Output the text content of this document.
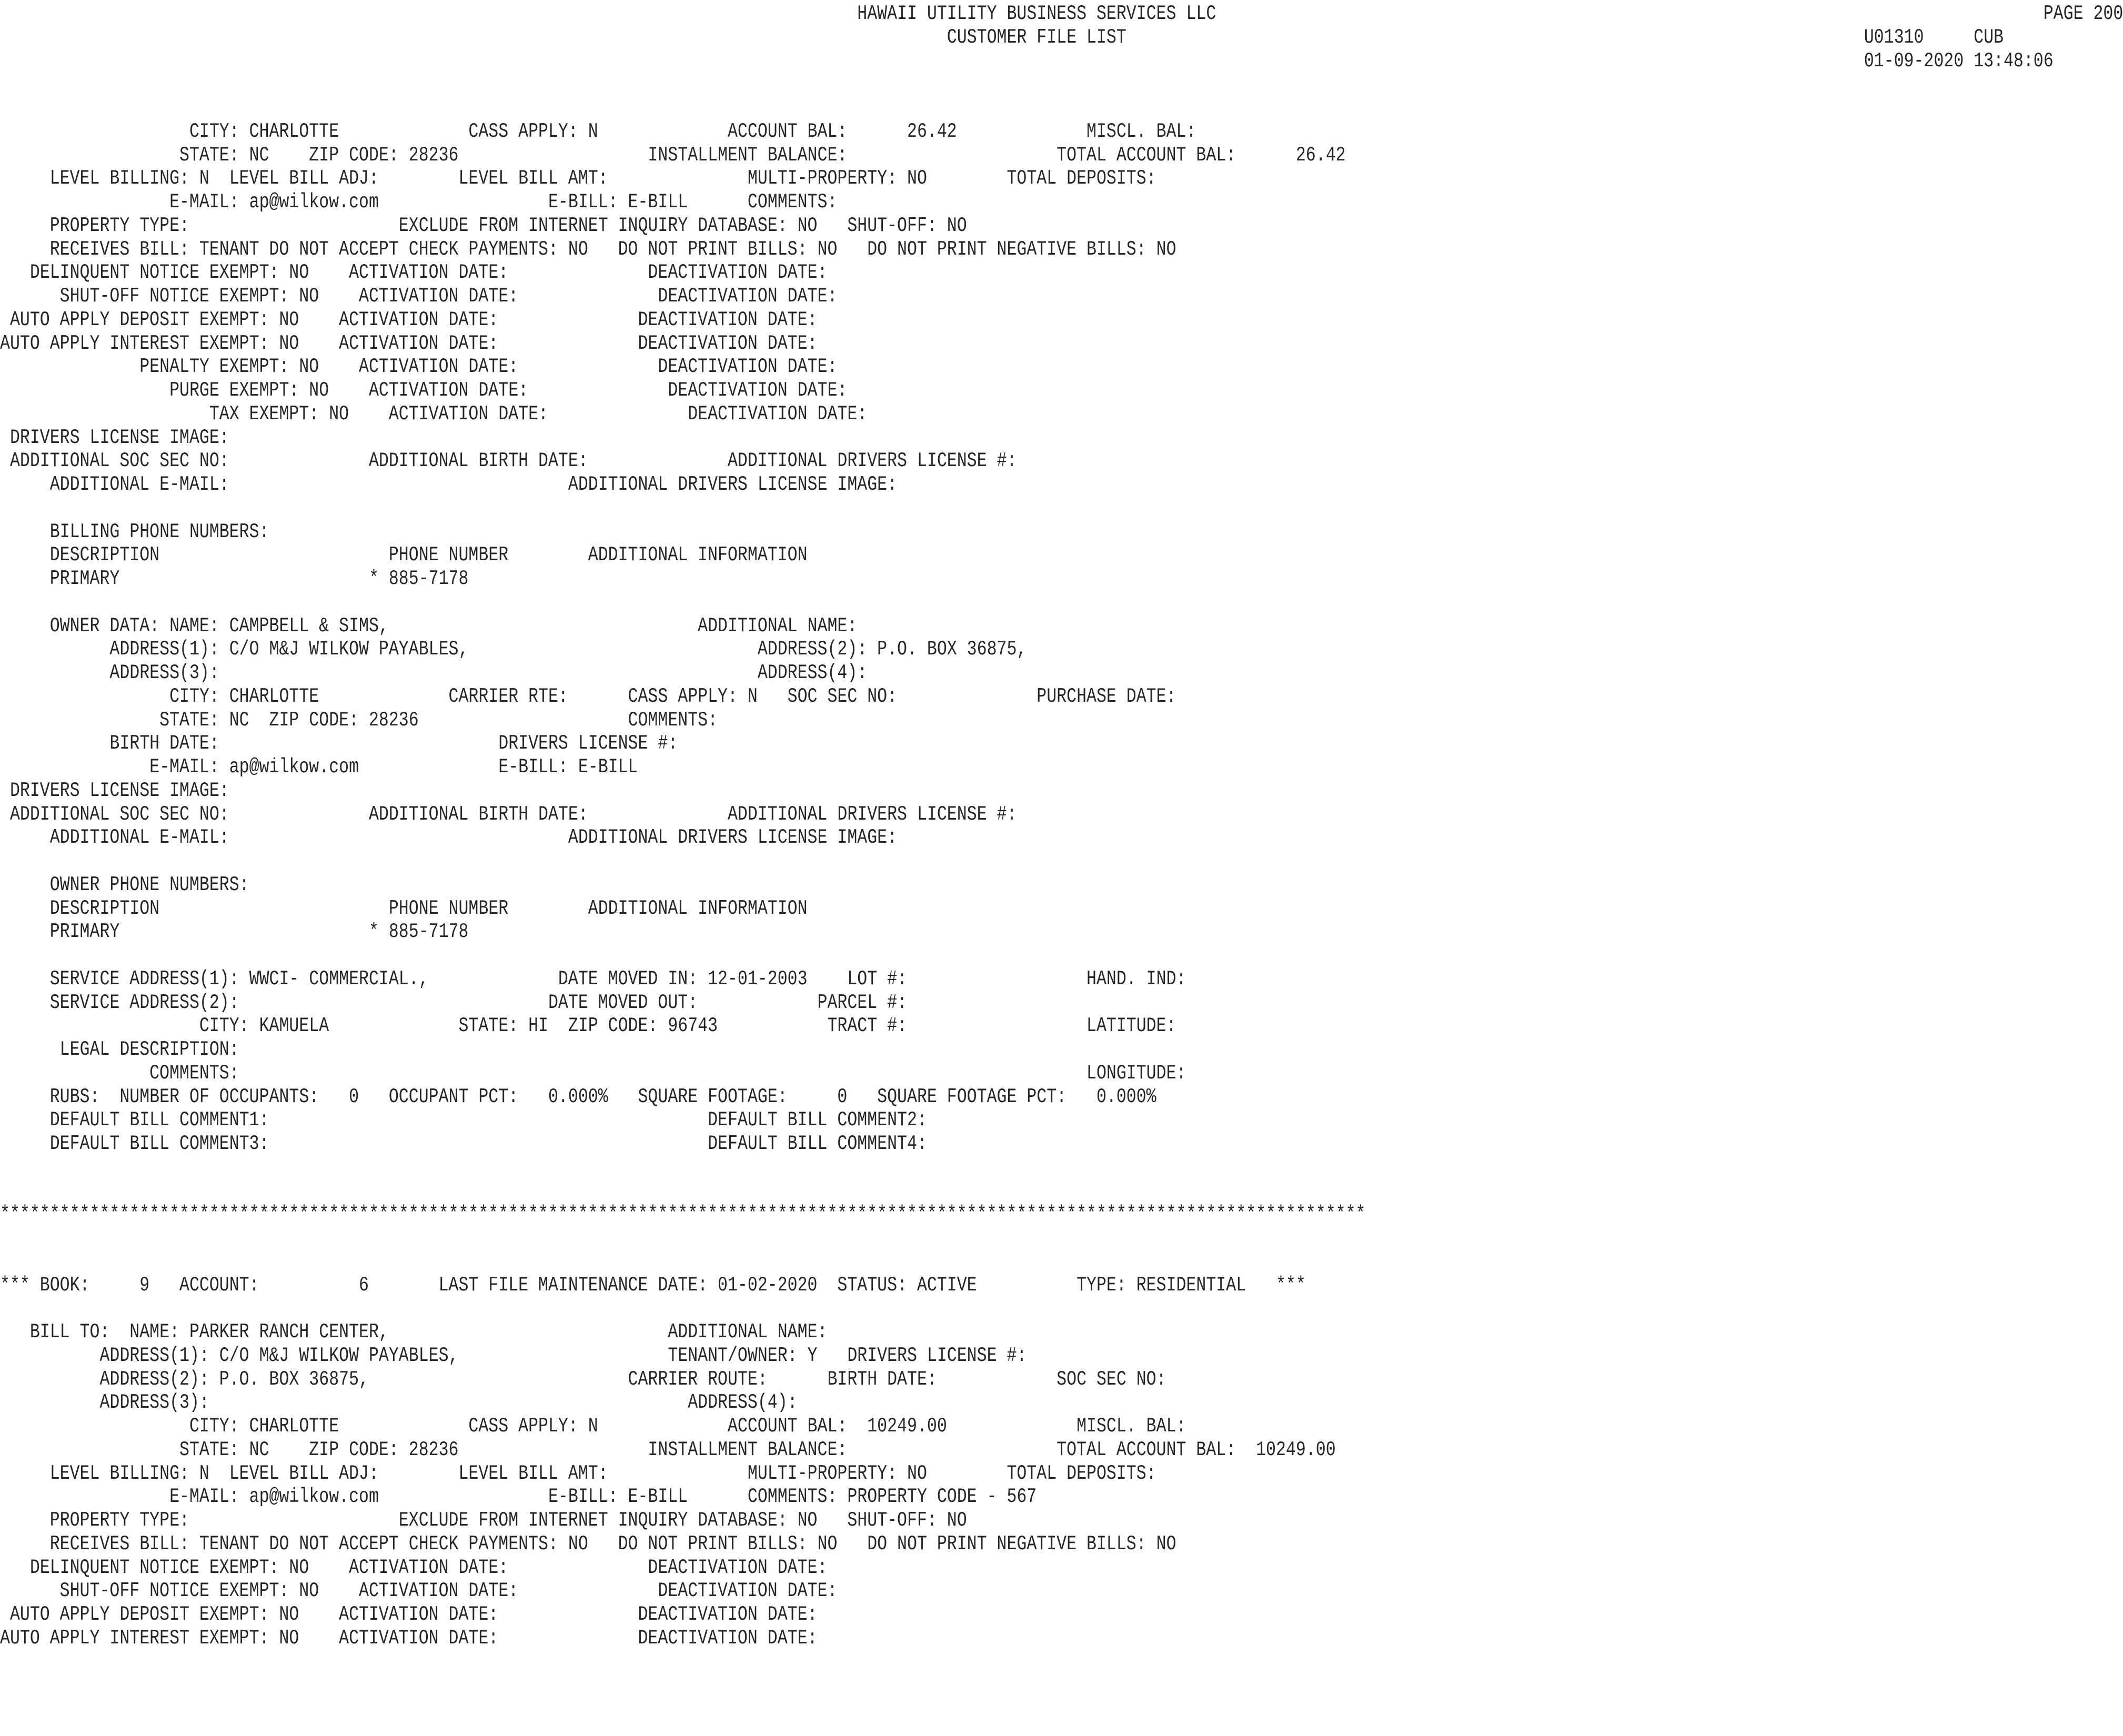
HAWAII UTILITY BUSINESS SERVICES LLC                                                                                   PAGE 200
CUSTOMER FILE LIST                                                                          U01310     CUB
01-09-2020 13:48:06
CITY: CHARLOTTE             CASS APPLY: N             ACCOUNT BAL:      26.42             MISCL. BAL:
STATE: NC    ZIP CODE: 28236                   INSTALLMENT BALANCE:                     TOTAL ACCOUNT BAL:      26.42
LEVEL BILLING: N  LEVEL BILL ADJ:        LEVEL BILL AMT:              MULTI-PROPERTY: NO        TOTAL DEPOSITS:
E-MAIL: ap@wilkow.com                 E-BILL: E-BILL      COMMENTS:
PROPERTY TYPE:                     EXCLUDE FROM INTERNET INQUIRY DATABASE: NO   SHUT-OFF: NO
RECEIVES BILL: TENANT DO NOT ACCEPT CHECK PAYMENTS: NO   DO NOT PRINT BILLS: NO   DO NOT PRINT NEGATIVE BILLS: NO
DELINQUENT NOTICE EXEMPT: NO    ACTIVATION DATE:              DEACTIVATION DATE:
SHUT-OFF NOTICE EXEMPT: NO    ACTIVATION DATE:              DEACTIVATION DATE:
AUTO APPLY DEPOSIT EXEMPT: NO    ACTIVATION DATE:              DEACTIVATION DATE:
AUTO APPLY INTEREST EXEMPT: NO    ACTIVATION DATE:              DEACTIVATION DATE:
PENALTY EXEMPT: NO    ACTIVATION DATE:              DEACTIVATION DATE:
PURGE EXEMPT: NO    ACTIVATION DATE:              DEACTIVATION DATE:
TAX EXEMPT: NO    ACTIVATION DATE:              DEACTIVATION DATE:
DRIVERS LICENSE IMAGE:
ADDITIONAL SOC SEC NO:              ADDITIONAL BIRTH DATE:              ADDITIONAL DRIVERS LICENSE #:
ADDITIONAL E-MAIL:                                  ADDITIONAL DRIVERS LICENSE IMAGE:
BILLING PHONE NUMBERS:
DESCRIPTION                       PHONE NUMBER        ADDITIONAL INFORMATION
PRIMARY                         * 885-7178
OWNER DATA: NAME: CAMPBELL & SIMS,                               ADDITIONAL NAME:
ADDRESS(1): C/O M&J WILKOW PAYABLES,                             ADDRESS(2): P.O. BOX 36875,
ADDRESS(3):                                                      ADDRESS(4):
CITY: CHARLOTTE             CARRIER RTE:      CASS APPLY: N   SOC SEC NO:              PURCHASE DATE:
STATE: NC  ZIP CODE: 28236                     COMMENTS:
BIRTH DATE:                            DRIVERS LICENSE #:
E-MAIL: ap@wilkow.com              E-BILL: E-BILL
DRIVERS LICENSE IMAGE:
ADDITIONAL SOC SEC NO:              ADDITIONAL BIRTH DATE:              ADDITIONAL DRIVERS LICENSE #:
ADDITIONAL E-MAIL:                                  ADDITIONAL DRIVERS LICENSE IMAGE:
OWNER PHONE NUMBERS:
DESCRIPTION                       PHONE NUMBER        ADDITIONAL INFORMATION
PRIMARY                         * 885-7178
SERVICE ADDRESS(1): WWCI- COMMERCIAL.,             DATE MOVED IN: 12-01-2003    LOT #:                  HAND. IND:
SERVICE ADDRESS(2):                               DATE MOVED OUT:            PARCEL #:
CITY: KAMUELA             STATE: HI  ZIP CODE: 96743           TRACT #:                  LATITUDE:
LEGAL DESCRIPTION:
COMMENTS:                                                                                     LONGITUDE:
RUBS:  NUMBER OF OCCUPANTS:   0   OCCUPANT PCT:   0.000%   SQUARE FOOTAGE:     0   SQUARE FOOTAGE PCT:   0.000%
DEFAULT BILL COMMENT1:                                            DEFAULT BILL COMMENT2:
DEFAULT BILL COMMENT3:                                            DEFAULT BILL COMMENT4:
*****************************************************************************************************************************************
*** BOOK:     9   ACCOUNT:          6       LAST FILE MAINTENANCE DATE: 01-02-2020  STATUS: ACTIVE          TYPE: RESIDENTIAL   ***
BILL TO:  NAME: PARKER RANCH CENTER,                            ADDITIONAL NAME:
ADDRESS(1): C/O M&J WILKOW PAYABLES,                     TENANT/OWNER: Y   DRIVERS LICENSE #:
ADDRESS(2): P.O. BOX 36875,                          CARRIER ROUTE:      BIRTH DATE:            SOC SEC NO:
ADDRESS(3):                                                ADDRESS(4):
CITY: CHARLOTTE             CASS APPLY: N             ACCOUNT BAL:  10249.00             MISCL. BAL:
STATE: NC    ZIP CODE: 28236                   INSTALLMENT BALANCE:                     TOTAL ACCOUNT BAL:  10249.00
LEVEL BILLING: N  LEVEL BILL ADJ:        LEVEL BILL AMT:              MULTI-PROPERTY: NO        TOTAL DEPOSITS:
E-MAIL: ap@wilkow.com                 E-BILL: E-BILL      COMMENTS: PROPERTY CODE - 567
PROPERTY TYPE:                     EXCLUDE FROM INTERNET INQUIRY DATABASE: NO   SHUT-OFF: NO
RECEIVES BILL: TENANT DO NOT ACCEPT CHECK PAYMENTS: NO   DO NOT PRINT BILLS: NO   DO NOT PRINT NEGATIVE BILLS: NO
DELINQUENT NOTICE EXEMPT: NO    ACTIVATION DATE:              DEACTIVATION DATE:
SHUT-OFF NOTICE EXEMPT: NO    ACTIVATION DATE:              DEACTIVATION DATE:
AUTO APPLY DEPOSIT EXEMPT: NO    ACTIVATION DATE:              DEACTIVATION DATE:
AUTO APPLY INTEREST EXEMPT: NO    ACTIVATION DATE:              DEACTIVATION DATE:
